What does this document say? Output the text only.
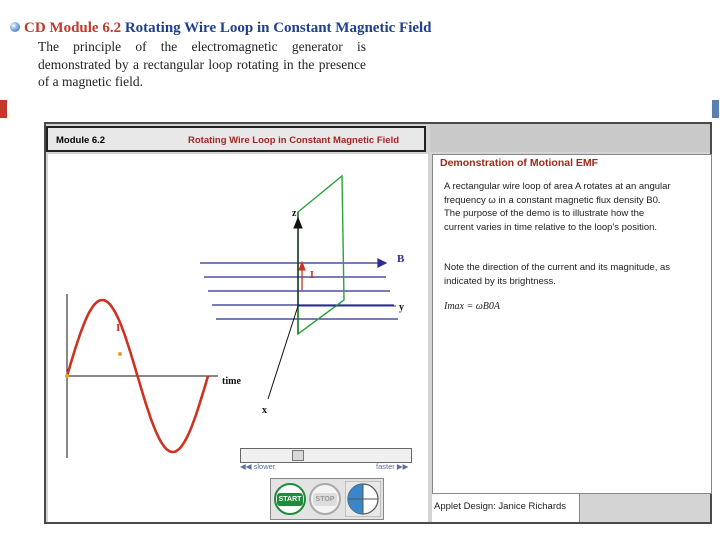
CD Module 6.2 Rotating Wire Loop in Constant Magnetic Field
The principle of the electromagnetic generator is demonstrated by a rectangular loop rotating in the presence of a magnetic field.
Module 6.2	Rotating Wire Loop in Constant Magnetic Field
z
B
I
y
x
I
time
◀◀ slower	faster ▶▶
START	STOP
Demonstration of Motional EMF
A rectangular wire loop of area A rotates at an angular frequency ω in a constant magnetic flux density B0. The purpose of the demo is to illustrate how the current varies in time relative to the loop's position.
Note the direction of the current and its magnitude, as indicated by its brightness.
Imax = ωB0A
Applet Design: Janice Richards
